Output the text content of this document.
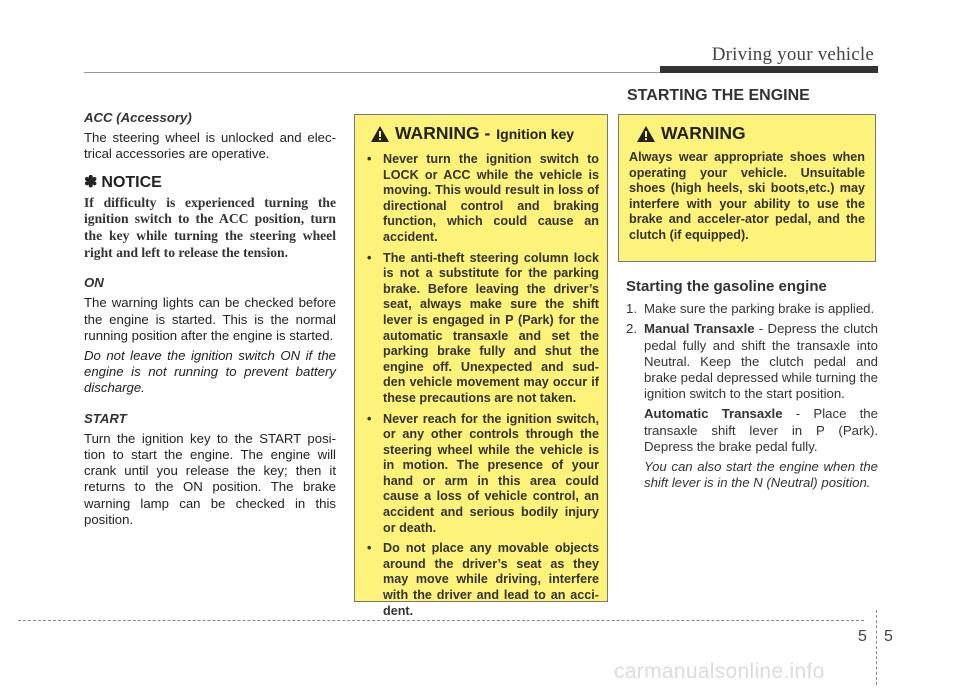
Driving your vehicle

ACC (Accessory)

The steering wheel is unlocked and elec-trical accessories are operative.

✽ NOTICE
If difficulty is experienced turning the ignition switch to the ACC position, turn the key while turning the steering wheel right and left to release the tension.

ON

The warning lights can be checked before the engine is started. This is the normal running position after the engine is started.

Do not leave the ignition switch ON if the engine is not running to prevent battery discharge.

START

Turn the ignition key to the START posi-tion to start the engine. The engine will crank until you release the key; then it returns to the ON position. The brake warning lamp can be checked in this position.

WARNING - Ignition key
• Never turn the ignition switch to LOCK or ACC while the vehicle is moving. This would result in loss of directional control and braking function, which could cause an accident.
• The anti-theft steering column lock is not a substitute for the parking brake. Before leaving the driver’s seat, always make sure the shift lever is engaged in P (Park) for the automatic transaxle and set the parking brake fully and shut the engine off. Unexpected and sud-den vehicle movement may occur if these precautions are not taken.
• Never reach for the ignition switch, or any other controls through the steering wheel while the vehicle is in motion. The presence of your hand or arm in this area could cause a loss of vehicle control, an accident and serious bodily injury or death.
• Do not place any movable objects around the driver’s seat as they may move while driving, interfere with the driver and lead to an acci-dent.
STARTING THE ENGINE
WARNING
Always wear appropriate shoes when operating your vehicle. Unsuitable shoes (high heels, ski boots,etc.) may interfere with your ability to use the brake and acceler-ator pedal, and the clutch (if equipped).
Starting the gasoline engine
1. Make sure the parking brake is applied.
2. Manual Transaxle - Depress the clutch pedal fully and shift the transaxle into Neutral. Keep the clutch pedal and brake pedal depressed while turning the ignition switch to the start position.
Automatic Transaxle - Place the transaxle shift lever in P (Park). Depress the brake pedal fully.
You can also start the engine when the shift lever is in the N (Neutral) position.
5 5
carmanualsonline.info
